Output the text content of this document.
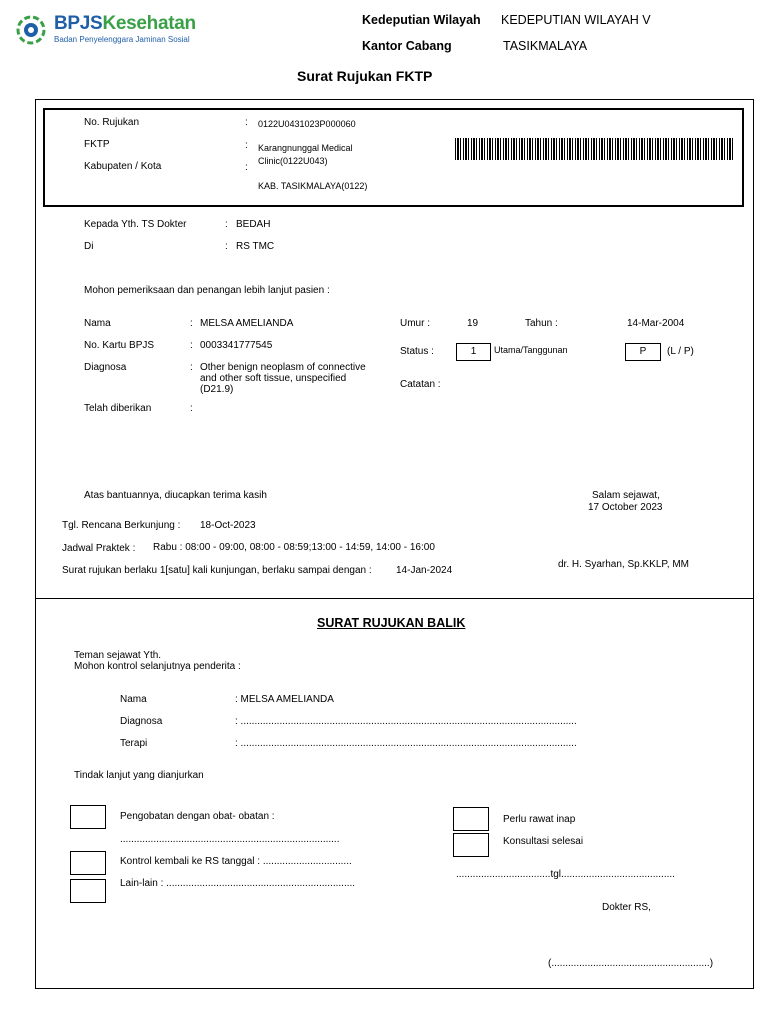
BPJSKesehatan
Badan Penyelenggara Jaminan Sosial
Kedeputian Wilayah KEDEPUTIAN WILAYAH V
Kantor Cabang	TASIKMALAYA
Surat Rujukan FKTP
No. Rujukan	: 0122U0431023P000060
FKTP	: Karangnunggal Medical
Clinic(0122U043)
Kabupaten / Kota	:
KAB. TASIKMALAYA(0122)
Kepada Yth. TS Dokter	: BEDAH
Di	: RS TMC
Mohon pemeriksaan dan penangan lebih lanjut pasien :
Nama	: MELSA AMELIANDA
No. Kartu BPJS	: 0003341777545
Diagnosa	: Other benign neoplasm of connective
and other soft tissue, unspecified
(D21.9)
Telah diberikan	:
Umur :	19	Tahun :	14-Mar-2004
Status :	1	Utama/Tanggunan	P	(L / P)
Catatan :
Atas bantuannya, diucapkan terima kasih	Salam sejawat,
17 October 2023
Tgl. Rencana Berkunjung : 18-Oct-2023
Jadwal Praktek : Rabu : 08:00 - 09:00, 08:00 - 08:59;13:00 - 14:59, 14:00 - 16:00
Surat rujukan berlaku 1[satu] kali kunjungan, berlaku sampai dengan : 14-Jan-2024
dr. H. Syarhan, Sp.KKLP, MM
SURAT RUJUKAN BALIK
Teman sejawat Yth.
Mohon kontrol selanjutnya penderita :
Nama	: MELSA AMELIANDA
Diagnosa	: .........................................................................................................................
Terapi	: .........................................................................................................................
Tindak lanjut yang dianjurkan
Pengobatan dengan obat- obatan :
...............................................................................
Kontrol kembali ke RS tanggal : ................................
Lain-lain : ....................................................................
Perlu rawat inap
Konsultasi selesai
..................................tgl.........................................
Dokter RS,
(.........................................................)
